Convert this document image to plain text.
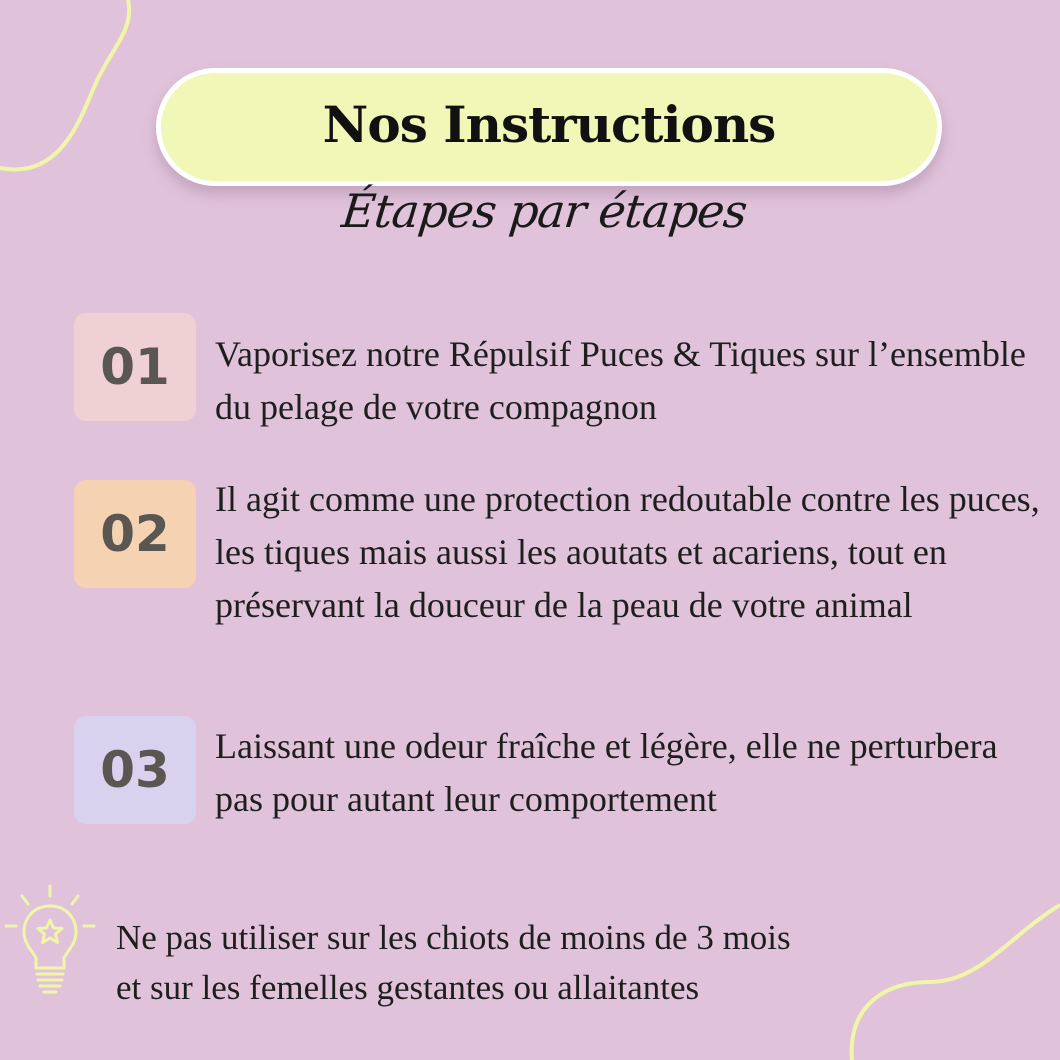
Nos Instructions

Étapes par étapes

01	Vaporisez notre Répulsif Puces & Tiques sur l’ensemble du pelage de votre compagnon

02

Il agit comme une protection redoutable contre les puces, les tiques mais aussi les aoutats et acariens, tout en préservant la douceur de la peau de votre animal

03	Laissant une odeur fraîche et légère, elle ne perturbera pas pour autant leur comportement

Ne pas utiliser sur les chiots de moins de 3 mois
et sur les femelles gestantes ou allaitantes
